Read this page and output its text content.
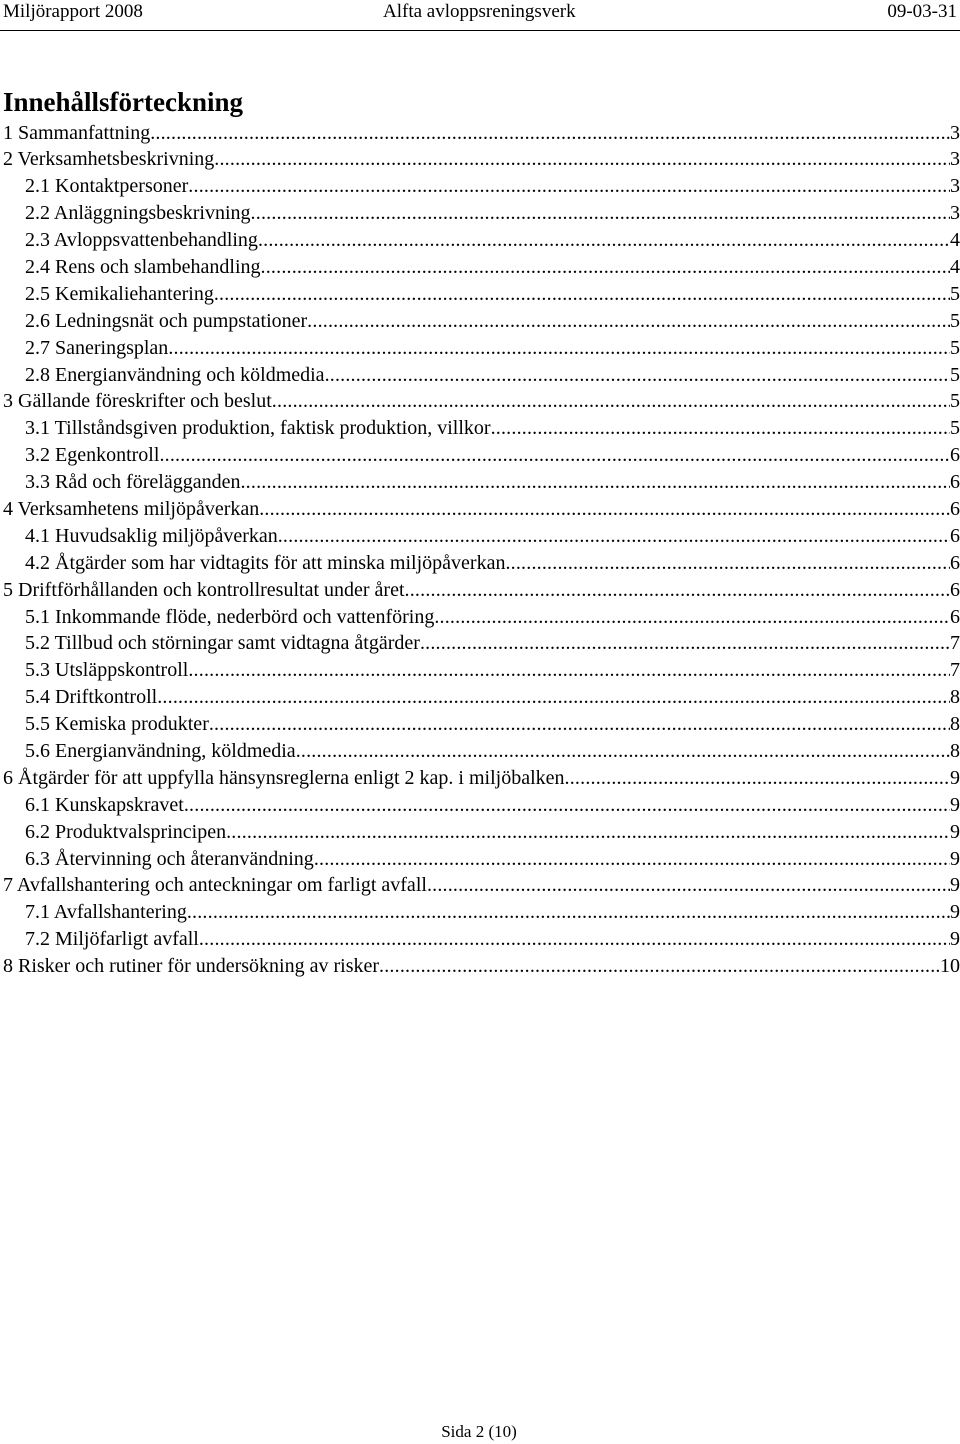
Miljörapport 2008	Alfta avloppsreningsverk	09-03-31
Innehållsförteckning
1 Sammanfattning .....	3
2 Verksamhetsbeskrivning .....	3
2.1 Kontaktpersoner .....	3
2.2 Anläggningsbeskrivning .....	3
2.3 Avloppsvattenbehandling .....	4
2.4 Rens och slambehandling .....	4
2.5 Kemikaliehantering .....	5
2.6 Ledningsnät och pumpstationer .....	5
2.7 Saneringsplan .....	5
2.8 Energianvändning och köldmedia .....	5
3 Gällande föreskrifter och beslut .....	5
3.1 Tillståndsgiven produktion, faktisk produktion, villkor .....	5
3.2 Egenkontroll .....	6
3.3 Råd och förelägganden .....	6
4 Verksamhetens miljöpåverkan .....	6
4.1 Huvudsaklig miljöpåverkan .....	6
4.2 Åtgärder som har vidtagits för att minska miljöpåverkan .....	6
5 Driftförhållanden och kontrollresultat under året .....	6
5.1 Inkommande flöde, nederbörd och vattenföring .....	6
5.2 Tillbud och störningar samt vidtagna åtgärder .....	7
5.3 Utsläppskontroll .....	7
5.4 Driftkontroll .....	8
5.5 Kemiska produkter .....	8
5.6 Energianvändning, köldmedia .....	8
6 Åtgärder för att uppfylla hänsynsreglerna enligt 2 kap. i miljöbalken .....	9
6.1 Kunskapskravet .....	9
6.2 Produktvalsprincipen .....	9
6.3 Återvinning och återanvändning .....	9
7 Avfallshantering och anteckningar om farligt avfall .....	9
7.1 Avfallshantering .....	9
7.2 Miljöfarligt avfall .....	9
8 Risker och rutiner för undersökning av risker .....	10
Sida 2 (10)
